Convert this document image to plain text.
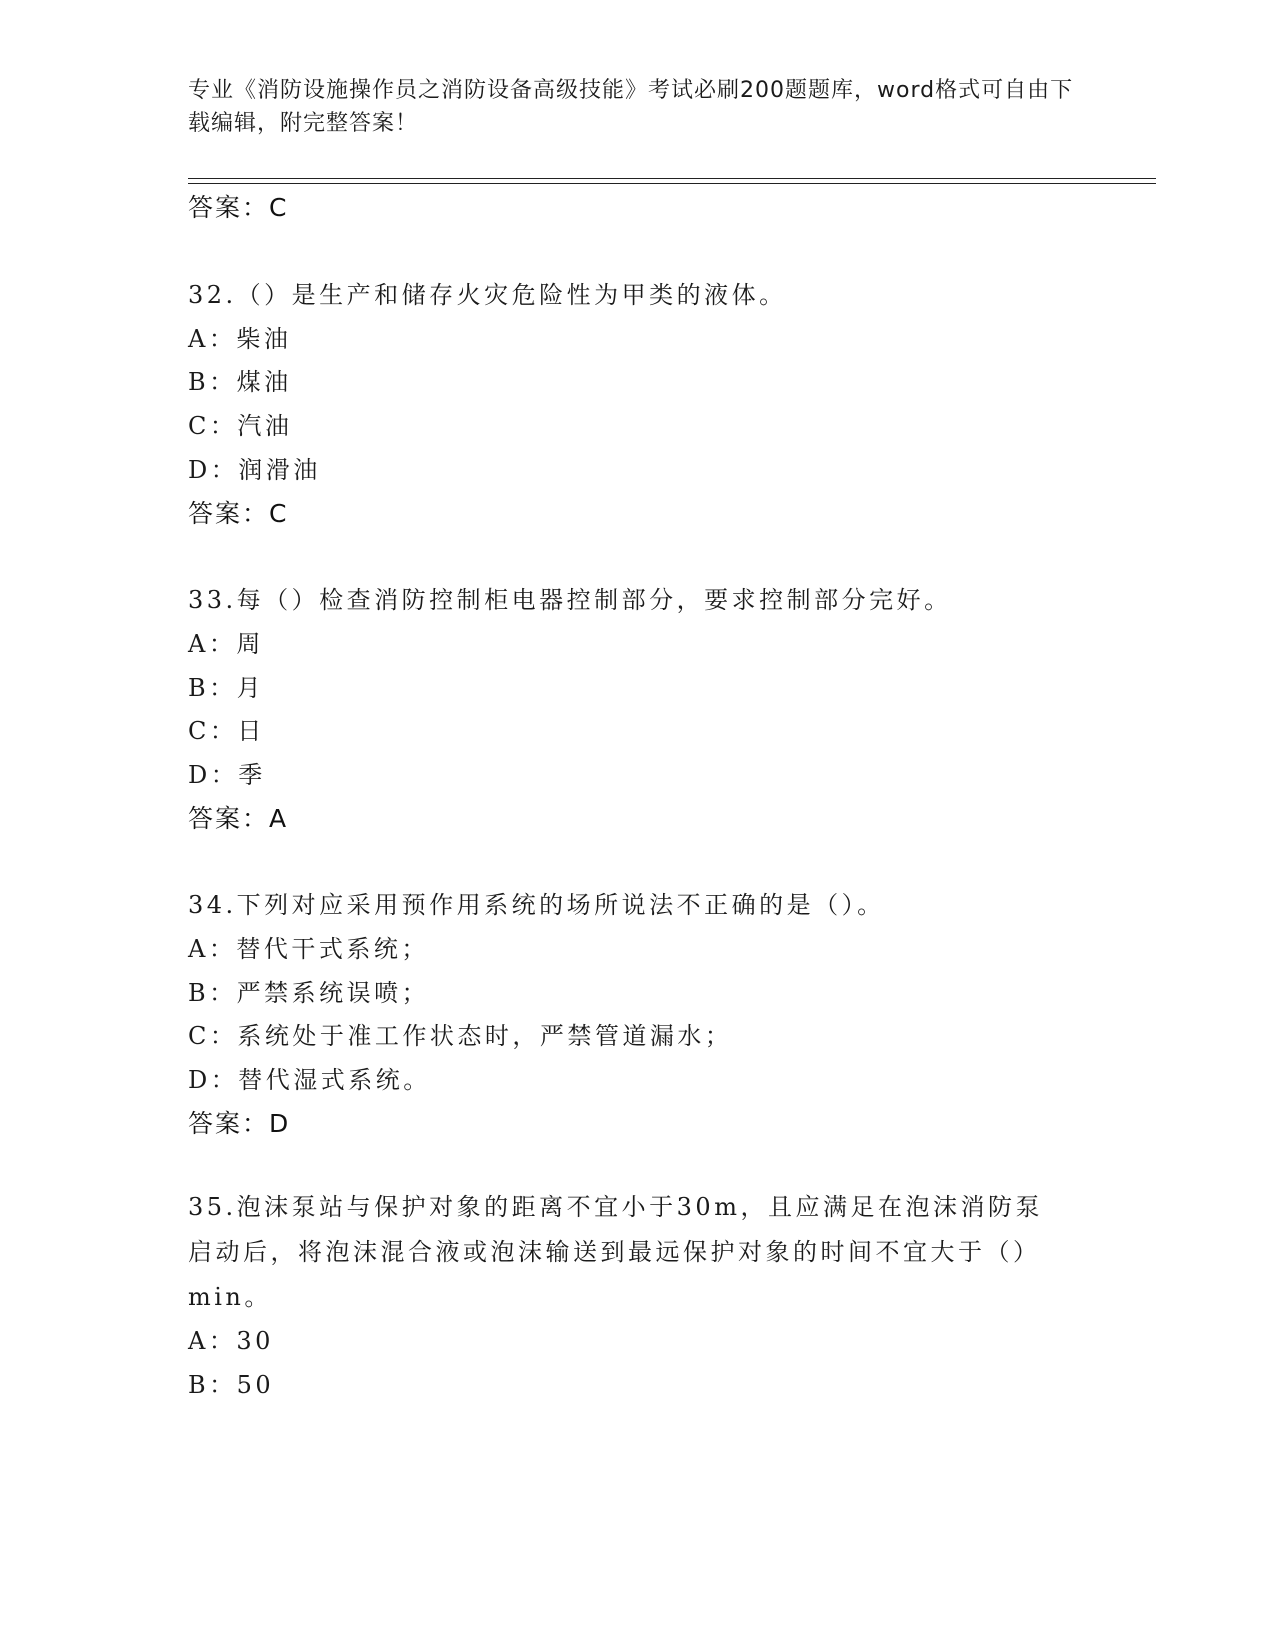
专业《消防设施操作员之消防设备高级技能》考试必刷200题题库，word格式可自由下载编辑，附完整答案！
答案：C
32.（）是生产和储存火灾危险性为甲类的液体。
A：柴油
B：煤油
C：汽油
D：润滑油
答案：C
33.每（）检查消防控制柜电器控制部分，要求控制部分完好。
A：周
B：月
C：日
D：季
答案：A
34.下列对应采用预作用系统的场所说法不正确的是（）。
A：替代干式系统；
B：严禁系统误喷；
C：系统处于准工作状态时，严禁管道漏水；
D：替代湿式系统。
答案：D
35.泡沫泵站与保护对象的距离不宜小于30m，且应满足在泡沫消防泵启动后，将泡沫混合液或泡沫输送到最远保护对象的时间不宜大于（）min。
A：30
B：50
